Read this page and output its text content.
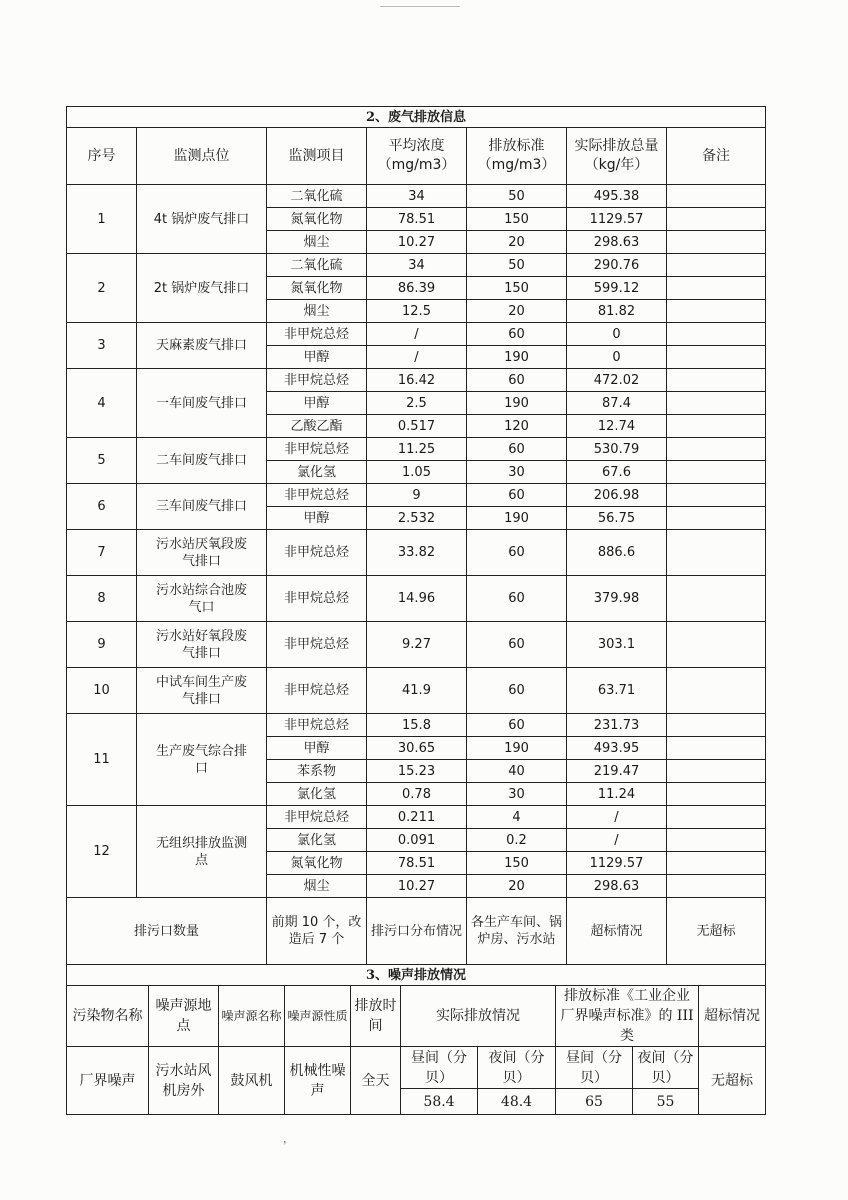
2、废气排放信息						
序号	监测点位	监测项目	平均浓度（mg/m3）	排放标准（mg/m3）	实际排放总量（kg/年）	备注
1	4t 锅炉废气排口	二氧化硫	34	50	495.38	
		氮氧化物	78.51	150	1129.57	
		烟尘	10.27	20	298.63	
2	2t 锅炉废气排口	二氧化硫	34	50	290.76	
		氮氧化物	86.39	150	599.12	
		烟尘	12.5	20	81.82	
3	天麻素废气排口	非甲烷总烃	/	60	0	
		甲醇	/	190	0	
4	一车间废气排口	非甲烷总烃	16.42	60	472.02	
		甲醇	2.5	190	87.4	
		乙酸乙酯	0.517	120	12.74	
5	二车间废气排口	非甲烷总烃	11.25	60	530.79	
		氯化氢	1.05	30	67.6	
6	三车间废气排口	非甲烷总烃	9	60	206.98	
		甲醇	2.532	190	56.75	
7	污水站厌氧段废气排口	非甲烷总烃	33.82	60	886.6	
8	污水站综合池废气口	非甲烷总烃	14.96	60	379.98	
9	污水站好氧段废气排口	非甲烷总烃	9.27	60	303.1	
10	中试车间生产废气排口	非甲烷总烃	41.9	60	63.71	
11	生产废气综合排口	非甲烷总烃	15.8	60	231.73	
		甲醇	30.65	190	493.95	
		苯系物	15.23	40	219.47	
		氯化氢	0.78	30	11.24	
12	无组织排放监测点	非甲烷总烃	0.211	4	/	
		氯化氢	0.091	0.2	/	
		氮氧化物	78.51	150	1129.57	
		烟尘	10.27	20	298.63	
排污口数量		前期 10 个，改造后 7 个	排污口分布情况	各生产车间、锅炉房、污水站	超标情况	无超标
3、噪声排放情况									
污染物名称	噪声源地点	噪声源名称	噪声源性质	排放时间	实际排放情况		排放标准《工业企业厂界噪声标准》的 III 类		超标情况
厂界噪声	污水站风机房外	鼓风机	机械性噪声	全天	昼间（分贝）	夜间（分贝）	昼间（分贝）	夜间（分贝）	无超标
					58.4	48.4	65	55	
，
